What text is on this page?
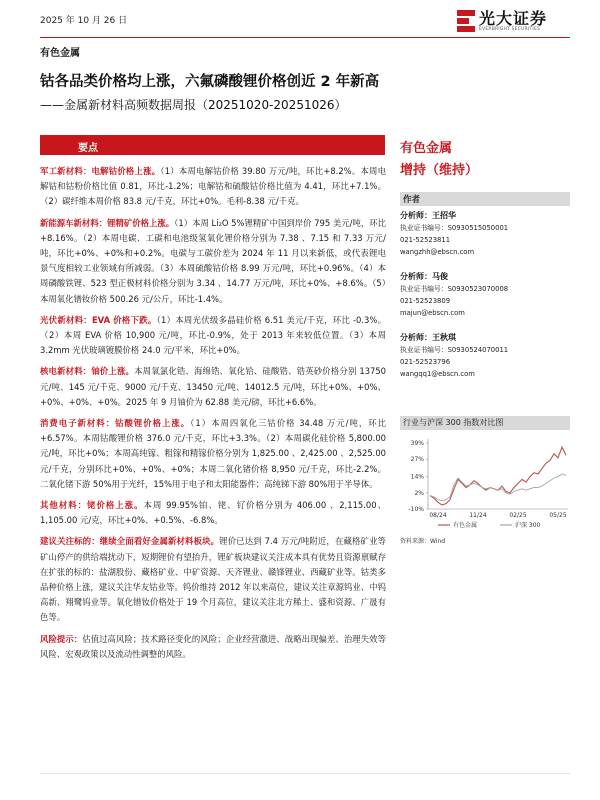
2025 年 10 月 26 日	光大证券
EVERBRIGHT SECURITIES
有色金属
钴各品类价格均上涨，六氟磷酸锂价格创近 2 年新高
——金属新材料高频数据周报（20251020-20251026）
要点

军工新材料：电解钴价格上涨。（1）本周电解钴价格 39.80 万元/吨，环比+8.2%。本周电解钴和钴粉价格比值 0.81，环比-1.2%；电解钴和硫酸钴价格比值为 4.41，环比+7.1%。（2）碳纤维本周价格 83.8 元/千克，环比+0%。毛利-8.38 元/千克。

新能源车新材料：锂精矿价格上涨。（1）本周 Li₂O 5%锂精矿中国到岸价 795 美元/吨，环比 +8.16%。（2）本周电碳、工碳和电池级氢氧化锂价格分别为 7.38 、7.15 和 7.33 万元/吨，环比+0%、+0%和+0.2%。电碳与工碳价差为 2024 年 11 月以来新低，或代表锂电景气度相较工业领域有所减弱。（3）本周硫酸钴价格 8.99 万元/吨，环比+0.96%。（4）本周磷酸铁锂、523 型正极材料价格分别为 3.34 、14.77 万元/吨，环比+0%、+8.6%。（5）本周氧化镨钕价格 500.26 元/公斤，环比-1.4%。

光伏新材料：EVA 价格下跌。（1）本周光伏级多晶硅价格 6.51 美元/千克，环比 -0.3%。（2）本周 EVA 价格 10,900 元/吨，环比-0.9%，处于 2013 年来较低位置。（3）本周 3.2mm 光伏玻璃镀膜价格 24.0 元/平米，环比+0%。

核电新材料：铀价上涨。本周氧氯化锆、海绵锆、氧化铪、硅酸锆、锆英砂价格分别 13750 元/吨、145 元/千克、9000 元/千克、13450 元/吨、14012.5 元/吨，环比+0%、+0%、+0%、+0%、+0%。2025 年 9 月铀价为 62.88 美元/磅，环比+6.6%。

消费电子新材料：钴酸锂价格上涨。（1）本周四氧化三钴价格 34.48 万元/吨，环比+6.57%。本周钴酸锂价格 376.0 元/千克，环比+3.3%。（2）本周碳化硅价格 5,800.00 元/吨，环比+0%；本周高纯镓、粗镓和精镓价格分别为 1,825.00 、2,425.00 、2,525.00 元/千克，分别环比+0%、+0%、+0%；本周二氧化锗价格 8,950 元/千克，环比-2.2%。二氧化锗下游 50%用于光纤，15%用于电子和太阳能器件；高纯锑下游 80%用于半导体。

其他材料：铑价格上涨。本周 99.95%铂、铑、钌价格分别为 406.00 、2,115.00、1,105.00 元/克，环比+0%、+0.5%、-6.8%。

建议关注标的：继续全面看好金属新材料板块。锂价已达到 7.4 万元/吨附近，在藏格矿业等矿山停产的供给端扰动下，短期锂价有望抬升，锂矿板块建议关注成本具有优势且资源禀赋存在扩张的标的：盐湖股份、藏格矿业、中矿资源、天齐锂业、赣锋锂业、西藏矿业等。钴类多品种价格上涨，建议关注华友钴业等。钨价维持 2012 年以来高位，建议关注章源钨业、中钨高新、翔鹭钨业等。氧化镨钕价格处于 19 个月高位，建议关注北方稀土、盛和资源、广晟有色等。

风险提示：估值过高风险；技术路径变化的风险；企业经营激进、战略出现偏差、治理失效等风险、宏观政策以及流动性调整的风险。

有色金属
增持（维持）
作者
分析师：王招华
执业证书编号：S0930515050001
021-52523811
wangzhh@ebscn.com
分析师：马俊
执业证书编号：S0930523070008
021-52523809
majun@ebscn.com
分析师：王秋琪
执业证书编号：S0930524070011
021-52523796
wangqq1@ebscn.com
行业与沪深 300 指数对比图
39%
27%
14%
2%
-10%
08/24	11/24	02/25	05/25
有色金属	沪深 300
资料来源：Wind
